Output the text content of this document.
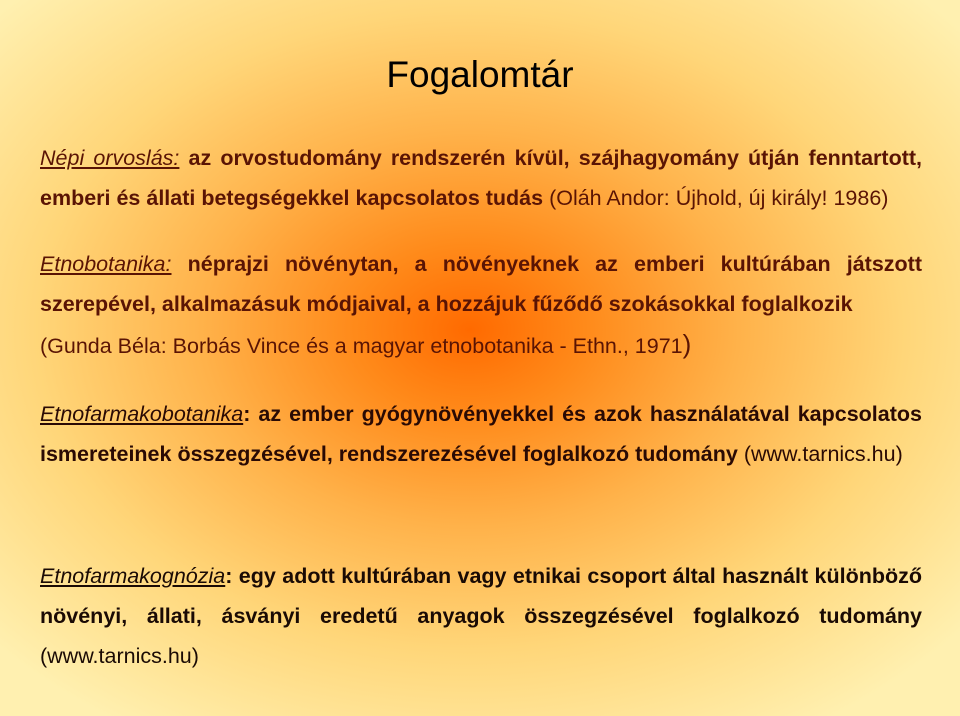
Fogalomtár
Népi orvoslás: az orvostudomány rendszerén kívül, szájhagyomány útján fenntartott, emberi és állati betegségekkel kapcsolatos tudás (Oláh Andor: Újhold, új király! 1986)
Etnobotanika: néprajzi növénytan, a növényeknek az emberi kultúrában játszott szerepével, alkalmazásuk módjaival, a hozzájuk fűződő szokásokkal foglalkozik
(Gunda Béla: Borbás Vince és a magyar etnobotanika - Ethn., 1971)
Etnofarmakobotanika: az ember gyógynövényekkel és azok használatával kapcsolatos ismereteinek összegzésével, rendszerezésével foglalkozó tudomány (www.tarnics.hu)
Etnofarmakognózia: egy adott kultúrában vagy etnikai csoport által használt különböző növényi, állati, ásványi eredetű anyagok összegzésével foglalkozó tudomány (www.tarnics.hu)
